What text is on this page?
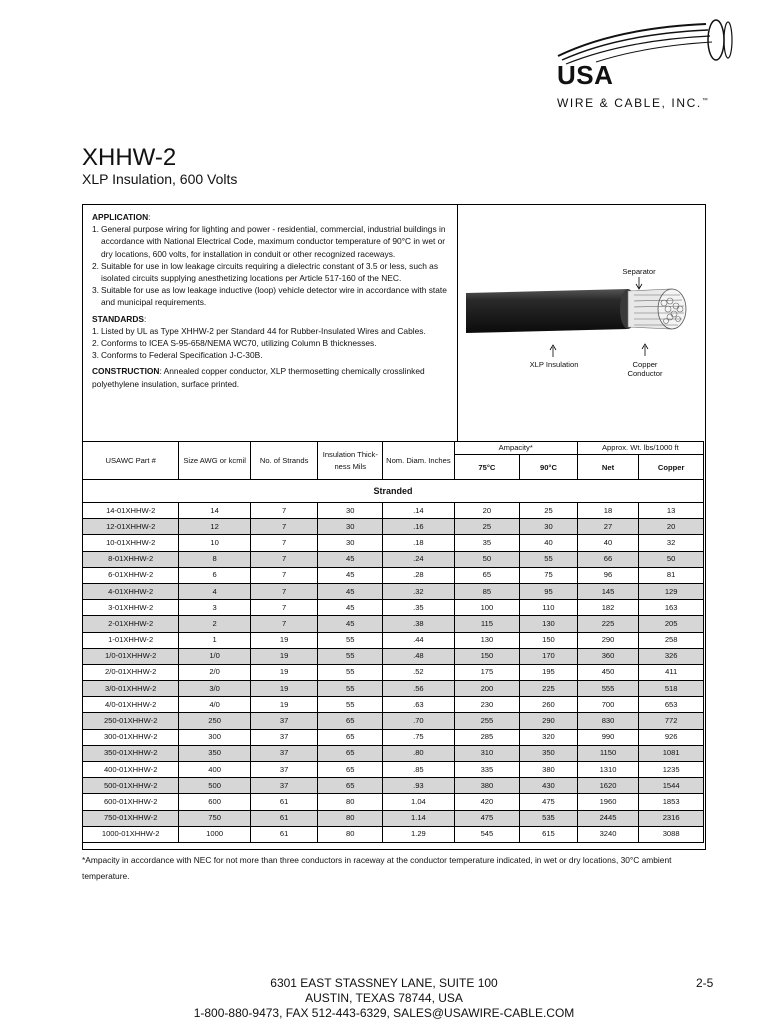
USA
WIRE & CABLE, INC.™
XHHW-2
XLP Insulation, 600 Volts

APPLICATION:

1. General purpose wiring for lighting and power - residential, commercial, industrial buildings in accordance with National Electrical Code, maximum conductor temperature of 90°C in wet or dry locations, 600 volts, for installation in conduit or other recognized raceways.
2. Suitable for use in low leakage circuits requiring a dielectric constant of 3.5 or less, such as isolated circuits supplying anesthetizing locations per Article 517-160 of the NEC.
3. Suitable for use as low leakage inductive (loop) vehicle detector wire in accordance with state and municipal requirements.

STANDARDS:

1. Listed by UL as Type XHHW-2 per Standard 44 for Rubber-Insulated Wires and Cables.
2. Conforms to ICEA S-95-658/NEMA WC70, utilizing Column B thicknesses.
3. Conforms to Federal Specification J-C-30B.

CONSTRUCTION: Annealed copper conductor, XLP thermosetting chemically crosslinked polyethylene insulation, surface printed.

Separator
XLP Insulation	Copper Conductor
USAWC Part #	Size AWG or kcmil	No. of Strands	Insulation Thick- ness Mils	Nom. Diam. Inches	Ampacity*		Approx. Wt. lbs/1000 ft	
					75°C	90°C	Net	Copper
Stranded								
14-01XHHW-2	14	7	30	.14	20	25	18	13
12-01XHHW-2	12	7	30	.16	25	30	27	20
10-01XHHW-2	10	7	30	.18	35	40	40	32
8-01XHHW-2	8	7	45	.24	50	55	66	50
6-01XHHW-2	6	7	45	.28	65	75	96	81
4-01XHHW-2	4	7	45	.32	85	95	145	129
3-01XHHW-2	3	7	45	.35	100	110	182	163
2-01XHHW-2	2	7	45	.38	115	130	225	205
1-01XHHW-2	1	19	55	.44	130	150	290	258
1/0-01XHHW-2	1/0	19	55	.48	150	170	360	326
2/0-01XHHW-2	2/0	19	55	.52	175	195	450	411
3/0-01XHHW-2	3/0	19	55	.56	200	225	555	518
4/0-01XHHW-2	4/0	19	55	.63	230	260	700	653
250-01XHHW-2	250	37	65	.70	255	290	830	772
300-01XHHW-2	300	37	65	.75	285	320	990	926
350-01XHHW-2	350	37	65	.80	310	350	1150	1081
400-01XHHW-2	400	37	65	.85	335	380	1310	1235
500-01XHHW-2	500	37	65	.93	380	430	1620	1544
600-01XHHW-2	600	61	80	1.04	420	475	1960	1853
750-01XHHW-2	750	61	80	1.14	475	535	2445	2316
1000-01XHHW-2	1000	61	80	1.29	545	615	3240	3088
*Ampacity in accordance with NEC for not more than three conductors in raceway at the conductor temperature indicated, in wet or dry locations, 30°C ambient temperature.
6301 EAST STASSNEY LANE, SUITE 100
AUSTIN, TEXAS 78744, USA
1-800-880-9473, FAX 512-443-6329, SALES@USAWIRE-CABLE.COM
2-5
